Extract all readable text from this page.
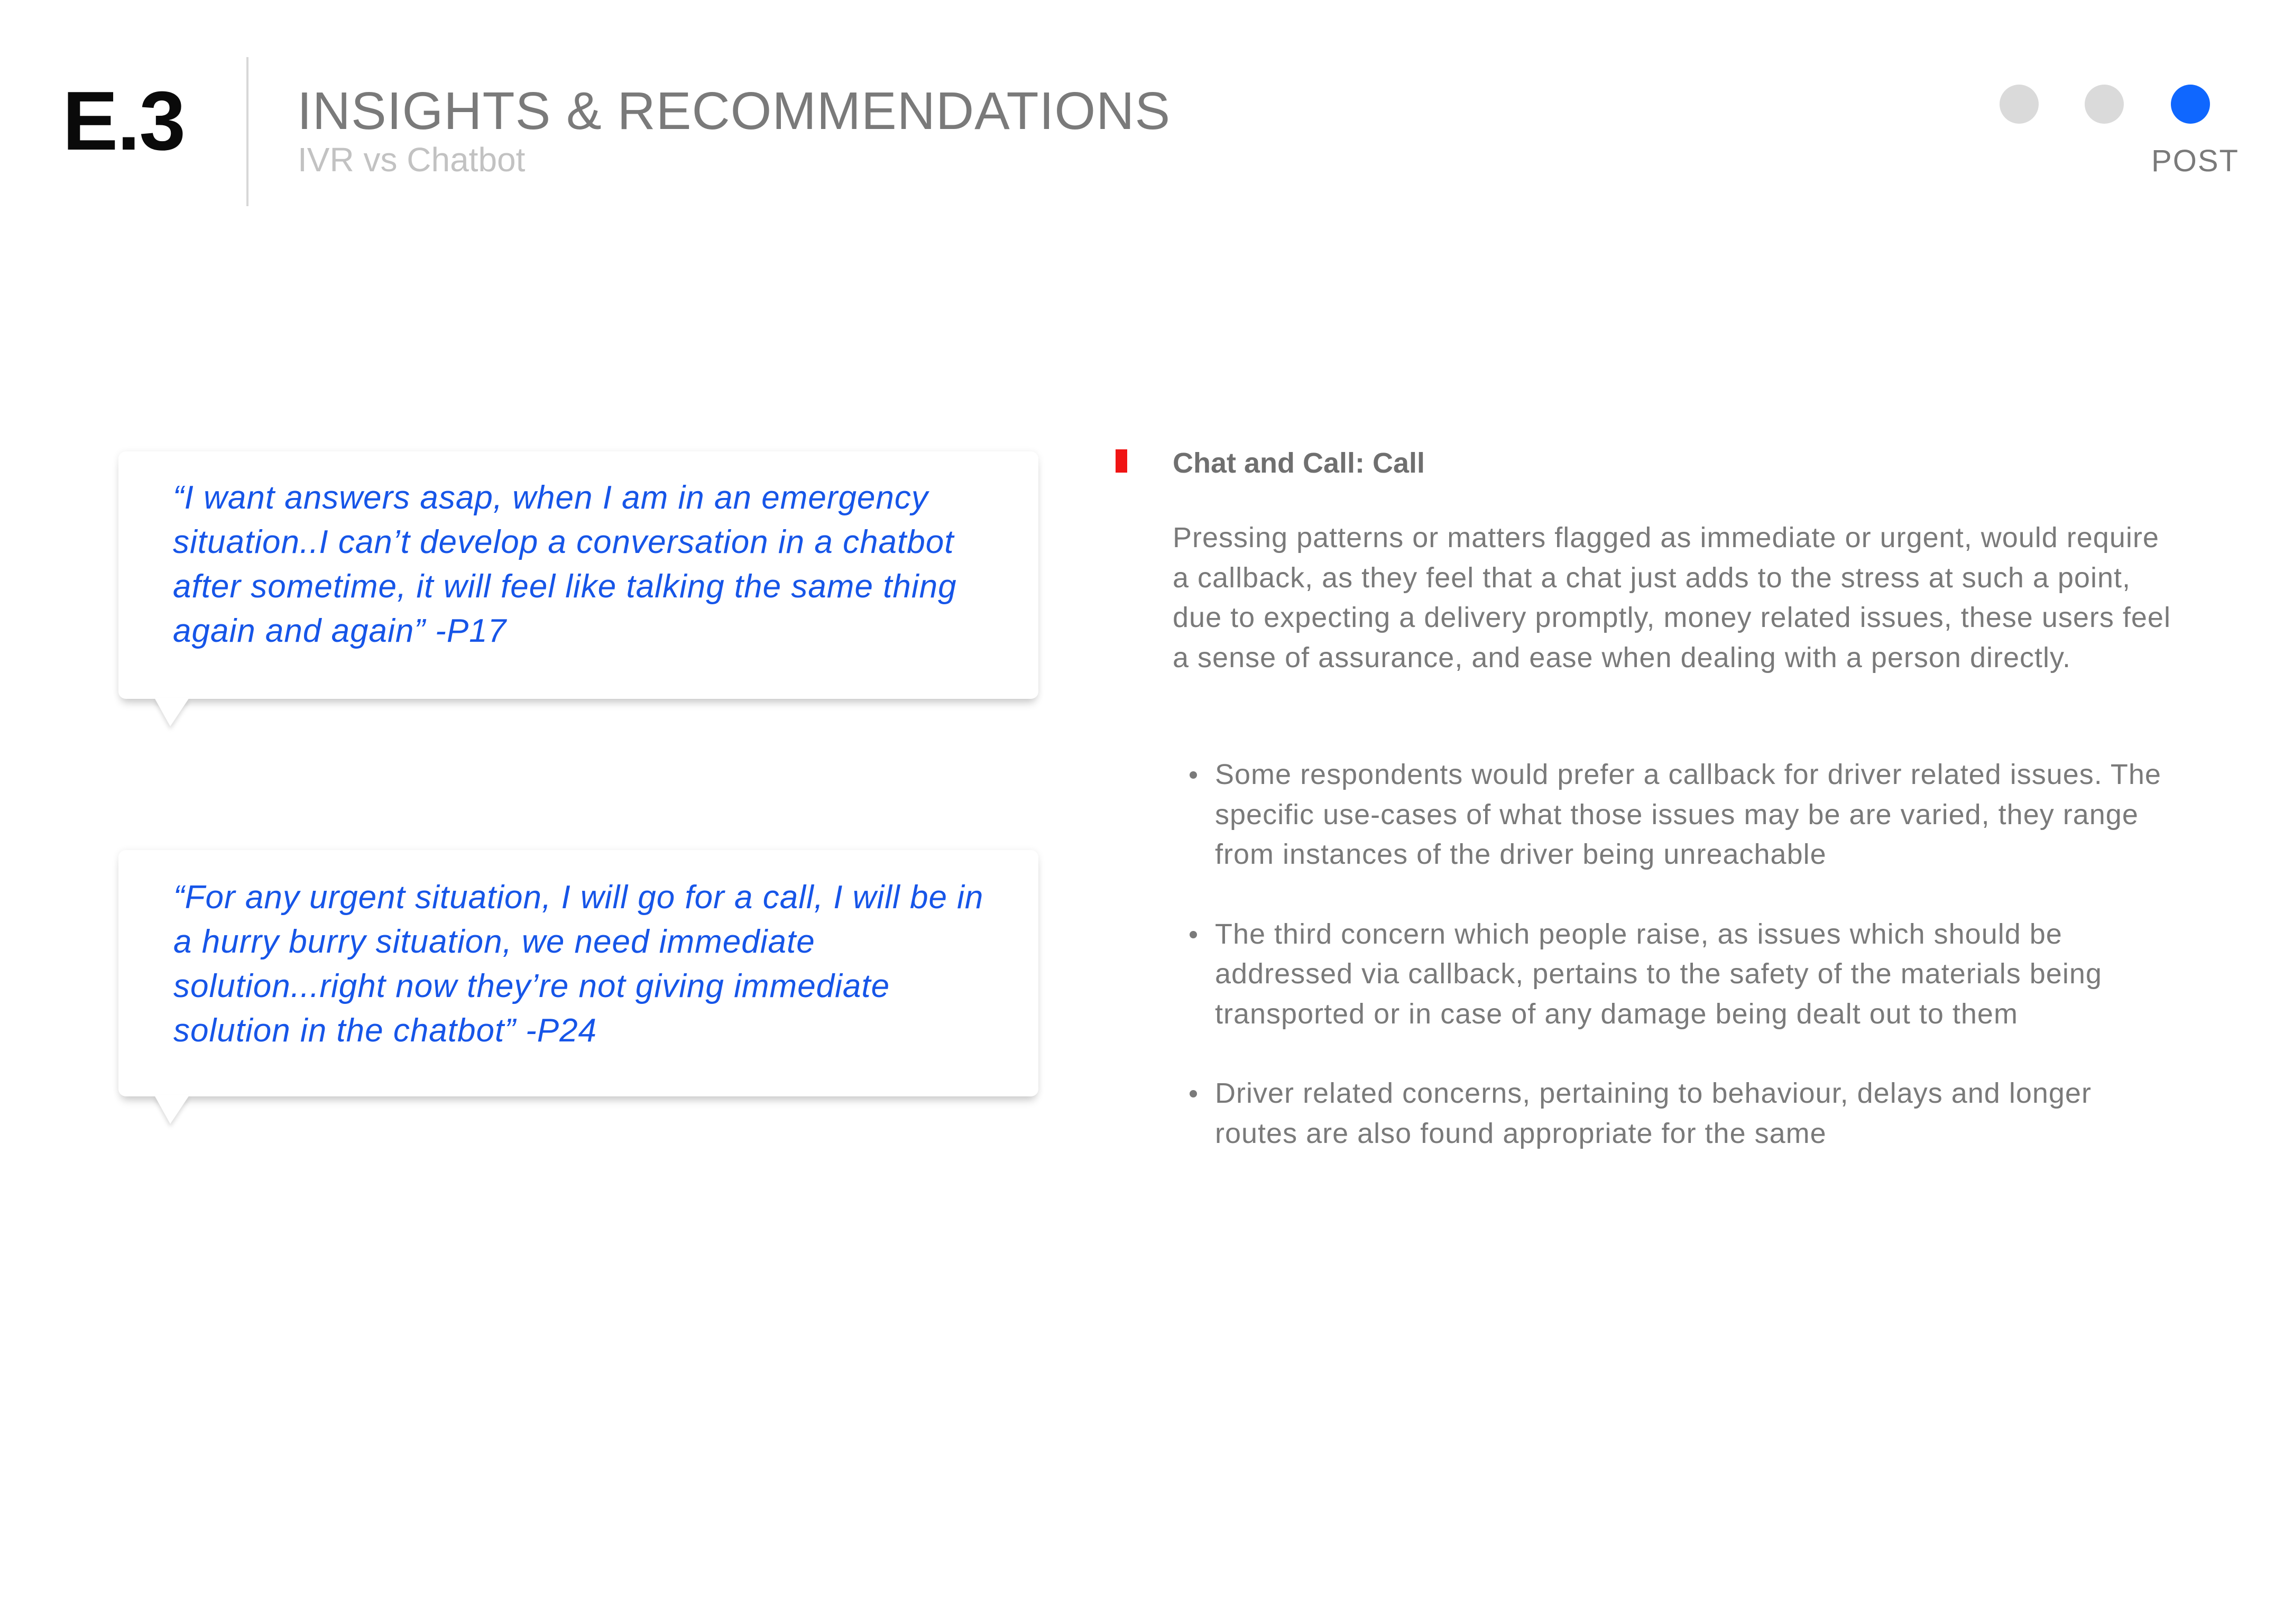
E.3 INSIGHTS & RECOMMENDATIONS
IVR vs Chatbot	POST

“I want answers asap, when I am in an emergency situation..I can’t develop a conversation in a chatbot after sometime, it will feel like talking the same thing again and again” -P17

“For any urgent situation, I will go for a call, I will be in a hurry burry situation, we need immediate solution...right now they’re not giving immediate solution in the chatbot” -P24

Chat and Call: Call

Pressing patterns or matters flagged as immediate or urgent, would require a callback, as they feel that a chat just adds to the stress at such a point, due to expecting a delivery promptly, money related issues, these users feel a sense of assurance, and ease when dealing with a person directly.

Some respondents would prefer a callback for driver related issues. The specific use-cases of what those issues may be are varied, they range from instances of the driver being unreachable
The third concern which people raise, as issues which should be addressed via callback, pertains to the safety of the materials being transported or in case of any damage being dealt out to them
Driver related concerns, pertaining to behaviour, delays and longer routes are also found appropriate for the same
